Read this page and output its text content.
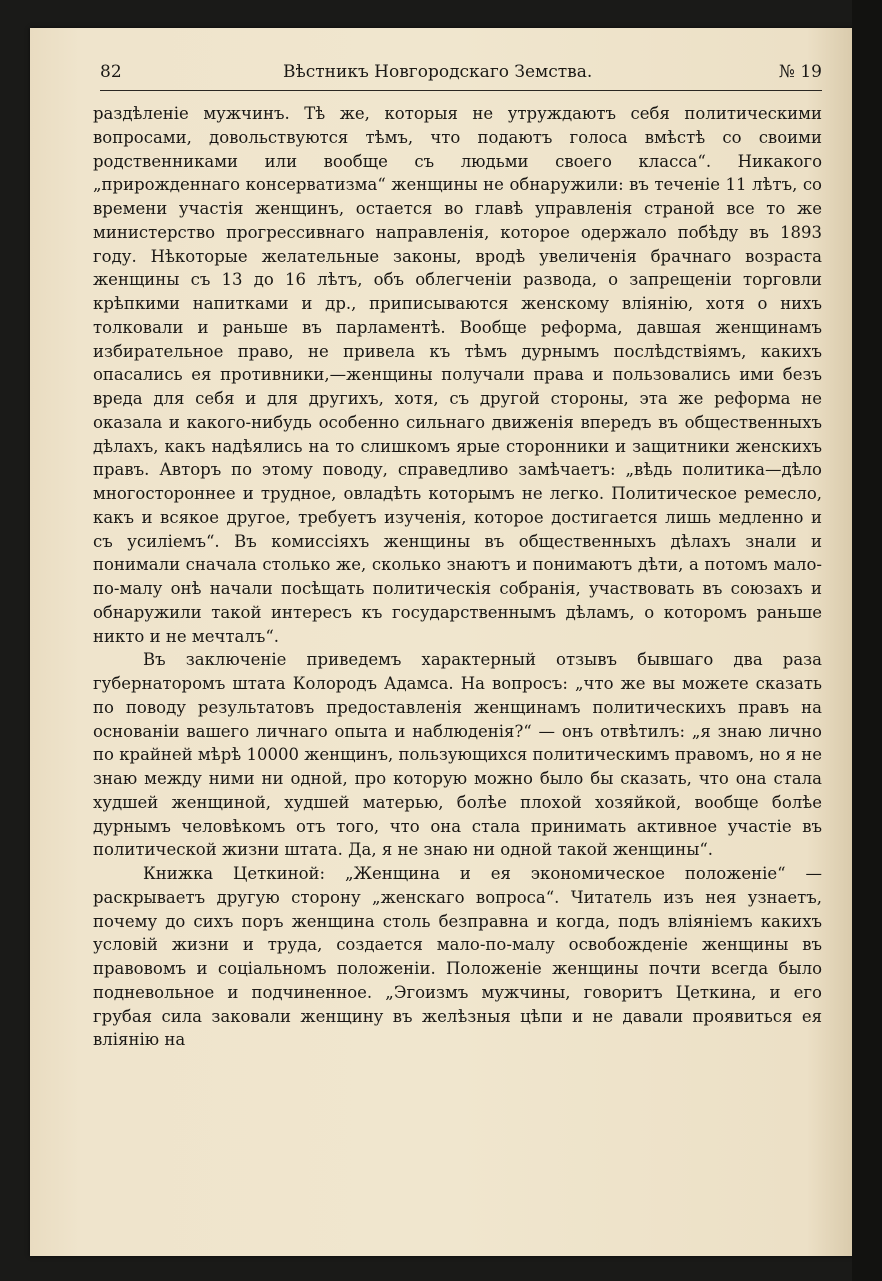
82	Вѣстникъ Новгородскаго Земства.	№ 19

раздѣленіе мужчинъ. Тѣ же, которыя не утруждаютъ себя политическими вопросами, довольствуются тѣмъ, что подаютъ голоса вмѣстѣ со своими родственниками или вообще съ людьми своего класса“. Никакого „прирожденнаго консерватизма“ женщины не обнаружили: въ теченіе 11 лѣтъ, со времени участія женщинъ, остается во главѣ управленія страной все то же министерство прогрессивнаго направленія, которое одержало побѣду въ 1893 году. Нѣкоторые желательные законы, вродѣ увеличенія брачнаго возраста женщины съ 13 до 16 лѣтъ, объ облегченіи развода, о запрещеніи торговли крѣпкими напитками и др., приписываются женскому вліянію, хотя о нихъ толковали и раньше въ парламентѣ. Вообще реформа, давшая женщинамъ избирательное право, не привела къ тѣмъ дурнымъ послѣдствіямъ, какихъ опасались ея противники,—женщины получали права и пользовались ими безъ вреда для себя и для другихъ, хотя, съ другой стороны, эта же реформа не оказала и какого-нибудь особенно сильнаго движенія впередъ въ общественныхъ дѣлахъ, какъ надѣялись на то слишкомъ ярые сторонники и защитники женскихъ правъ. Авторъ по этому поводу, справедливо замѣчаетъ: „вѣдь политика—дѣло многостороннее и трудное, овладѣть которымъ не легко. Политическое ремесло, какъ и всякое другое, требуетъ изученія, которое достигается лишь медленно и съ усиліемъ“. Въ комиссіяхъ женщины въ общественныхъ дѣлахъ знали и понимали сначала столько же, сколько знаютъ и понимаютъ дѣти, а потомъ мало-по-малу онѣ начали посѣщать политическія собранія, участвовать въ союзахъ и обнаружили такой интересъ къ государственнымъ дѣламъ, о которомъ раньше никто и не мечталъ“.

Въ заключеніе приведемъ характерный отзывъ бывшаго два раза губернаторомъ штата Колородъ Адамса. На вопросъ: „что же вы можете сказать по поводу результатовъ предоставленія женщинамъ политическихъ правъ на основаніи вашего личнаго опыта и наблюденія?“ — онъ отвѣтилъ: „я знаю лично по крайней мѣрѣ 10000 женщинъ, пользующихся политическимъ правомъ, но я не знаю между ними ни одной, про которую можно было бы сказать, что она стала худшей женщиной, худшей матерью, болѣе плохой хозяйкой, вообще болѣе дурнымъ человѣкомъ отъ того, что она стала принимать активное участіе въ политической жизни штата. Да, я не знаю ни одной такой женщины“.

Книжка Цеткиной: „Женщина и ея экономическое положеніе“ — раскрываетъ другую сторону „женскаго вопроса“. Читатель изъ нея узнаетъ, почему до сихъ поръ женщина столь безправна и когда, подъ вліяніемъ какихъ условій жизни и труда, создается мало-по-малу освобожденіе женщины въ правовомъ и соціальномъ положеніи. Положеніе женщины почти всегда было подневольное и подчиненное. „Эгоизмъ мужчины, говоритъ Цеткина, и его грубая сила заковали женщину въ желѣзныя цѣпи и не давали проявиться ея вліянію на
